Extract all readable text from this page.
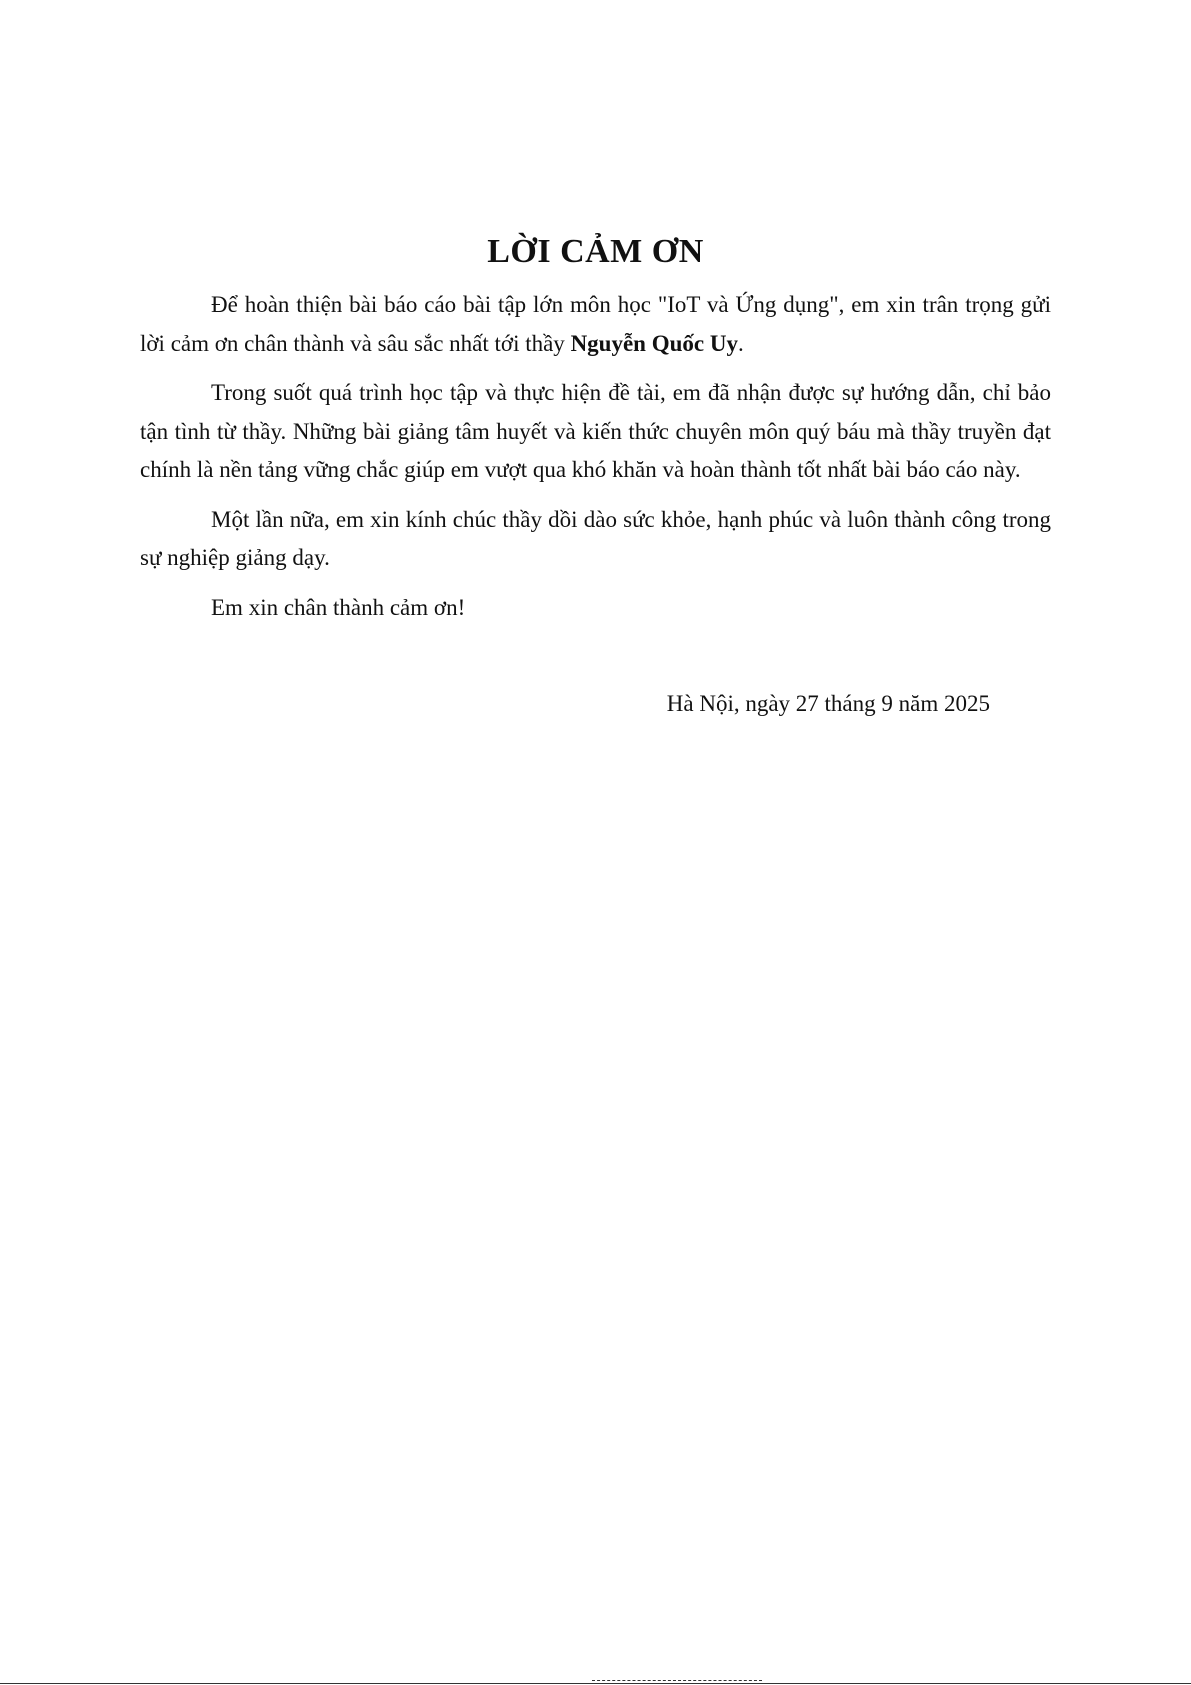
LỜI CẢM ƠN

Để hoàn thiện bài báo cáo bài tập lớn môn học "IoT và Ứng dụng", em xin trân trọng gửi lời cảm ơn chân thành và sâu sắc nhất tới thầy Nguyễn Quốc Uy.

Trong suốt quá trình học tập và thực hiện đề tài, em đã nhận được sự hướng dẫn, chỉ bảo tận tình từ thầy. Những bài giảng tâm huyết và kiến thức chuyên môn quý báu mà thầy truyền đạt chính là nền tảng vững chắc giúp em vượt qua khó khăn và hoàn thành tốt nhất bài báo cáo này.

Một lần nữa, em xin kính chúc thầy dồi dào sức khỏe, hạnh phúc và luôn thành công trong sự nghiệp giảng dạy.

Em xin chân thành cảm ơn!

Hà Nội, ngày 27 tháng 9 năm 2025
